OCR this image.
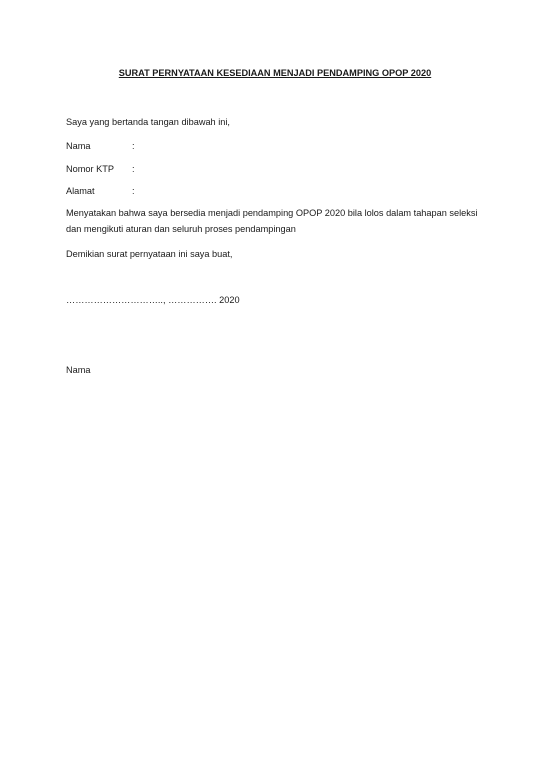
SURAT PERNYATAAN KESEDIAAN MENJADI PENDAMPING OPOP 2020
Saya yang bertanda tangan dibawah ini,
Nama	:
Nomor KTP :
Alamat	:
Menyatakan bahwa saya bersedia menjadi pendamping OPOP 2020 bila lolos dalam tahapan seleksi
dan mengikuti aturan dan seluruh proses pendampingan
Demikian surat pernyataan ini saya buat,
………………………….., ……………. 2020
Nama
